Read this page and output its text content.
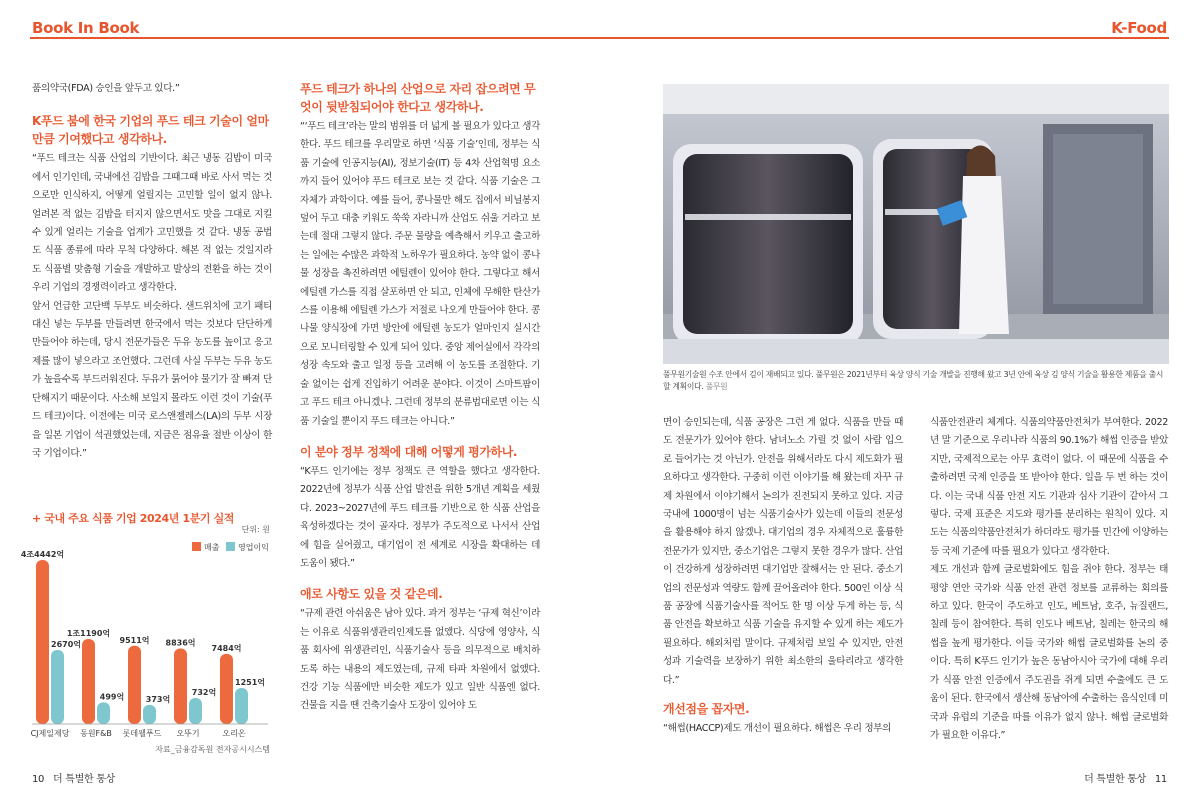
Book In Book	K-Food

품의약국(FDA) 승인을 앞두고 있다.”

K푸드 붐에 한국 기업의 푸드 테크 기술이 얼마만큼 기여했다고 생각하나.

“푸드 테크는 식품 산업의 기반이다. 최근 냉동 김밥이 미국에서 인기인데, 국내에선 김밥을 그때그때 바로 사서 먹는 것으로만 인식하지, 어떻게 얼릴지는 고민할 일이 없지 않나. 얼려본 적 없는 김밥을 터지지 않으면서도 맛을 그대로 지킬 수 있게 얼리는 기술을 업계가 고민했을 것 같다. 냉동 공법도 식품 종류에 따라 무척 다양하다. 해본 적 없는 것일지라도 식품별 맞춤형 기술을 개발하고 발상의 전환을 하는 것이 우리 기업의 경쟁력이라고 생각한다.

앞서 언급한 고단백 두부도 비슷하다. 샌드위치에 고기 패티 대신 넣는 두부를 만들려면 한국에서 먹는 것보다 단단하게 만들어야 하는데, 당시 전문가들은 두유 농도를 높이고 응고제를 많이 넣으라고 조언했다. 그런데 사실 두부는 두유 농도가 높을수록 부드러워진다. 두유가 묽어야 물기가 잘 빠져 단단해지기 때문이다. 사소해 보일지 몰라도 이런 것이 기술(푸드 테크)이다. 이전에는 미국 로스앤젤레스(LA)의 두부 시장을 일본 기업이 석권했었는데, 지금은 점유율 절반 이상이 한국 기업이다.”

+ 국내 주요 식품 기업 2024년 1분기 실적
단위: 원
매출 영업이익
4조4442억
2670억
CJ제일제당
1조1190억
499억
동원F&B
9511억
373억
롯데웰푸드
8836억
732억
오뚜기
7484억
1251억
오리온
자료_금융감독원 전자공시시스템
푸드 테크가 하나의 산업으로 자리 잡으려면 무엇이 뒷받침되어야 한다고 생각하나.

“‘푸드 테크’라는 말의 범위를 더 넓게 볼 필요가 있다고 생각한다. 푸드 테크를 우리말로 하면 ‘식품 기술’인데, 정부는 식품 기술에 인공지능(AI), 정보기술(IT) 등 4차 산업혁명 요소까지 들어 있어야 푸드 테크로 보는 것 같다. 식품 기술은 그 자체가 과학이다. 예를 들어, 콩나물만 해도 집에서 비닐봉지 덮어 두고 대충 키워도 쑥쑥 자라니까 산업도 쉬울 거라고 보는데 절대 그렇지 않다. 주문 물량을 예측해서 키우고 출고하는 일에는 수많은 과학적 노하우가 필요하다. 농약 없이 콩나물 성장을 촉진하려면 에틸렌이 있어야 한다. 그렇다고 해서 에틸렌 가스를 직접 살포하면 안 되고, 인체에 무해한 탄산가스를 이용해 에틸렌 가스가 저절로 나오게 만들어야 한다. 콩나물 양식장에 가면 방안에 에틸렌 농도가 얼마인지 실시간으로 모니터링할 수 있게 되어 있다. 중앙 제어실에서 각각의 성장 속도와 출고 일정 등을 고려해 이 농도를 조절한다. 기술 없이는 쉽게 진입하기 어려운 분야다. 이것이 스마트팜이고 푸드 테크 아니겠나. 그런데 정부의 분류법대로면 이는 식품 기술일 뿐이지 푸드 테크는 아니다.”

이 분야 정부 정책에 대해 어떻게 평가하나.

“K푸드 인기에는 정부 정책도 큰 역할을 했다고 생각한다. 2022년에 정부가 식품 산업 발전을 위한 5개년 계획을 세웠다. 2023~2027년에 푸드 테크를 기반으로 한 식품 산업을 육성하겠다는 것이 골자다. 정부가 주도적으로 나서서 산업에 힘을 실어줬고, 대기업이 전 세계로 시장을 확대하는 데 도움이 됐다.”

애로 사항도 있을 것 같은데.

“규제 관련 아쉬움은 남아 있다. 과거 정부는 ‘규제 혁신’이라는 이유로 식품위생관리인제도를 없앴다. 식당에 영양사, 식품 회사에 위생관리인, 식품기술사 등을 의무적으로 배치하도록 하는 내용의 제도였는데, 규제 타파 차원에서 없앴다. 건강 기능 식품에만 비슷한 제도가 있고 일반 식품엔 없다. 건물을 지을 땐 건축기술사 도장이 있어야 도

풀무원기술원 수조 안에서 김이 재배되고 있다. 풀무원은 2021년부터 육상 양식 기술 개발을 진행해 왔고 3년 안에 육상 김 양식 기술을 활용한 제품을 출시할 계획이다. 풀무원

면이 승인되는데, 식품 공장은 그런 게 없다. 식품을 만들 때도 전문가가 있어야 한다. 남녀노소 가릴 것 없이 사람 입으로 들어가는 것 아닌가. 안전을 위해서라도 다시 제도화가 필요하다고 생각한다. 구중히 이런 이야기를 해 왔는데 자꾸 규제 차원에서 이야기해서 논의가 진전되지 못하고 있다. 지금 국내에 1000명이 넘는 식품기술사가 있는데 이들의 전문성을 활용해야 하지 않겠나. 대기업의 경우 자체적으로 훌륭한 전문가가 있지만, 중소기업은 그렇지 못한 경우가 많다. 산업이 건강하게 성장하려면 대기업만 잘해서는 안 된다. 중소기업의 전문성과 역량도 함께 끌어올려야 한다. 500인 이상 식품 공장에 식품기술사를 적어도 한 명 이상 두게 하는 등, 식품 안전을 확보하고 식품 기술을 유지할 수 있게 하는 제도가 필요하다. 해외처럼 말이다. 규제처럼 보일 수 있지만, 안전성과 기술력을 보장하기 위한 최소한의 울타리라고 생각한다.”

개선점을 꼽자면.

“해썹(HACCP)제도 개선이 필요하다. 해썹은 우리 정부의

식품안전관리 체계다. 식품의약품안전처가 부여한다. 2022년 말 기준으로 우리나라 식품의 90.1%가 해썹 인증을 받았지만, 국제적으로는 아무 효력이 없다. 이 때문에 식품을 수출하려면 국제 인증을 또 받아야 한다. 일을 두 번 하는 것이다. 이는 국내 식품 안전 지도 기관과 심사 기관이 같아서 그렇다. 국제 표준은 지도와 평가를 분리하는 원칙이 있다. 지도는 식품의약품안전처가 하더라도 평가를 민간에 이양하는 등 국제 기준에 따를 필요가 있다고 생각한다.

제도 개선과 함께 글로벌화에도 힘을 쥐야 한다. 정부는 태평양 연안 국가와 식품 안전 관련 정보를 교류하는 회의를 하고 있다. 한국이 주도하고 인도, 베트남, 호주, 뉴질랜드, 칠레 등이 참여한다. 특히 인도나 베트남, 칠레는 한국의 해썹을 높게 평가한다. 이들 국가와 해썹 글로벌화를 논의 중이다. 특히 K푸드 인기가 높은 동남아시아 국가에 대해 우리가 식품 안전 인증에서 주도권을 쥐게 되면 수출에도 큰 도움이 된다. 한국에서 생산해 동남아에 수출하는 음식인데 미국과 유럽의 기준을 따를 이유가 없지 않나. 해썹 글로벌화가 필요한 이유다.”

10 더 특별한 통상	더 특별한 통상 11
